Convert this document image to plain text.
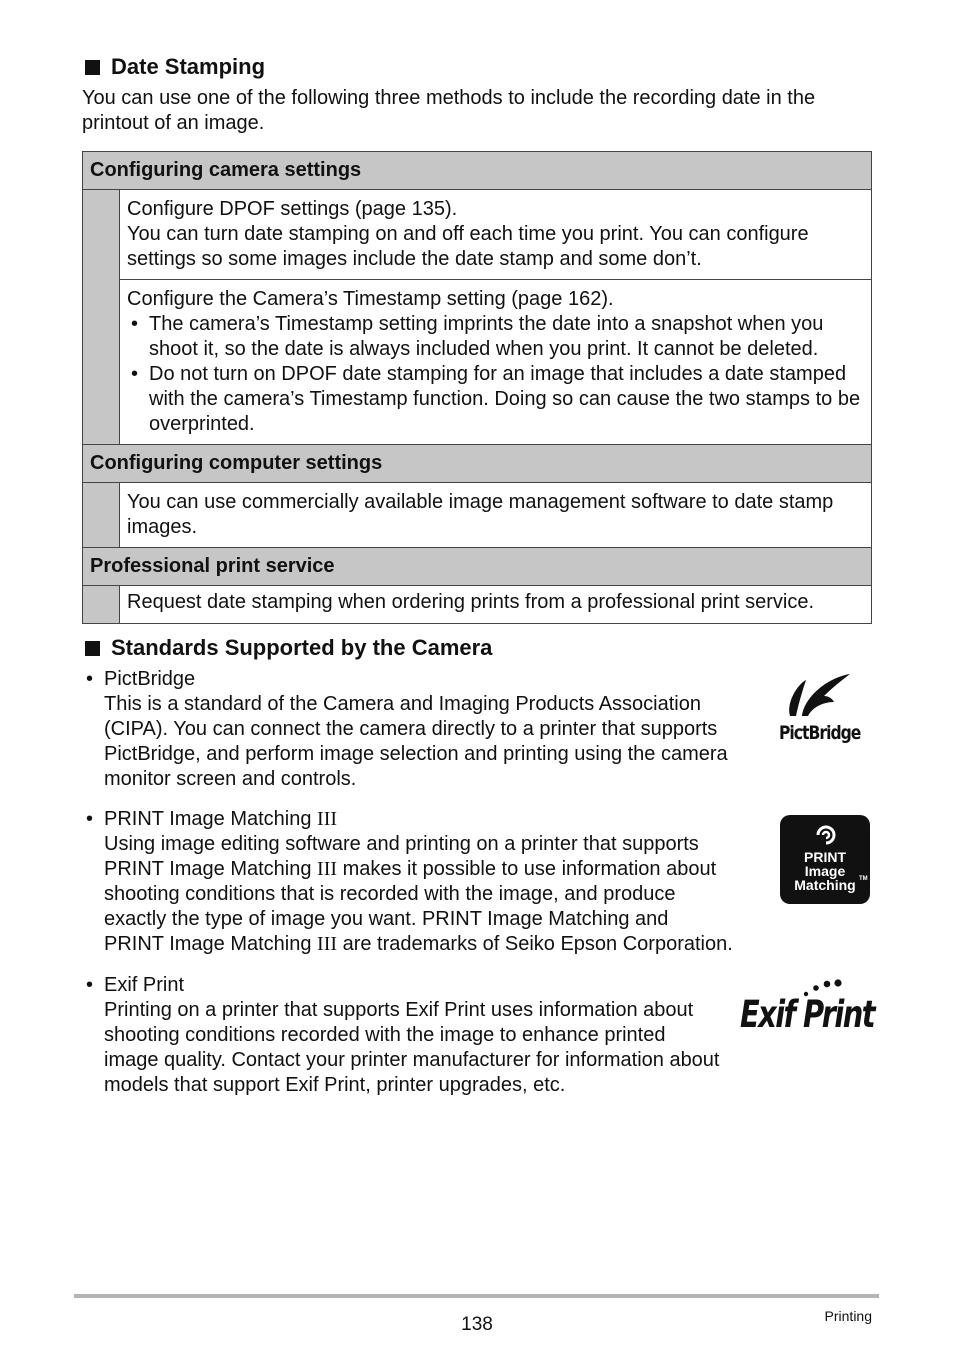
Date Stamping
You can use one of the following three methods to include the recording date in the printout of an image.
Configuring camera settings	

	Configure DPOF settings (page 135).
You can turn date stamping on and off each time you print. You can configure settings so some images include the date stamp and some don’t.

	Configure the Camera’s Timestamp setting (page 162).
• The camera’s Timestamp setting imprints the date into a snapshot when you shoot it, so the date is always included when you print. It cannot be deleted.
• Do not turn on DPOF date stamping for an image that includes a date stamped with the camera’s Timestamp function. Doing so can cause the two stamps to be overprinted.

Configuring computer settings	
	You can use commercially available image management software to date stamp images.
Professional print service	
	Request date stamping when ordering prints from a professional print service.
Standards Supported by the Camera
• PictBridge
This is a standard of the Camera and Imaging Products Association (CIPA). You can connect the camera directly to a printer that supports PictBridge, and perform image selection and printing using the camera monitor screen and controls.
PictBridge
• PRINT Image Matching III
Using image editing software and printing on a printer that supports
PRINT Image Matching III makes it possible to use information about
shooting conditions that is recorded with the image, and produce
exactly the type of image you want. PRINT Image Matching and
PRINT Image Matching III are trademarks of Seiko Epson Corporation.
PRINT
Image
Matching TM
• Exif Print
Printing on a printer that supports Exif Print uses information about shooting conditions recorded with the image to enhance printed image quality. Contact your printer manufacturer for information about models that support Exif Print, printer upgrades, etc.
Exif Print
138	Printing
